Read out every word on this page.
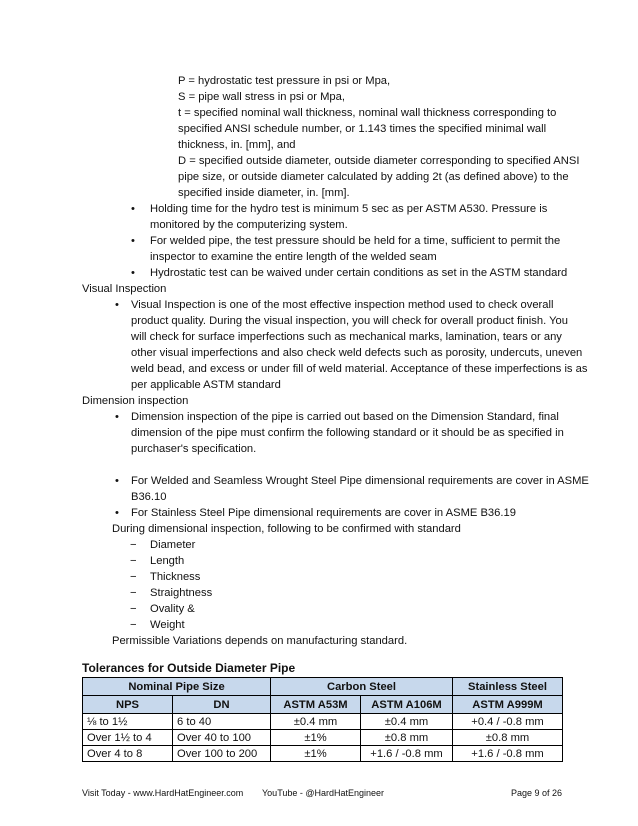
P = hydrostatic test pressure in psi or Mpa,
S = pipe wall stress in psi or Mpa,
t = specified nominal wall thickness, nominal wall thickness corresponding to
specified ANSI schedule number, or 1.143 times the specified minimal wall
thickness, in. [mm], and
D = specified outside diameter, outside diameter corresponding to specified ANSI
pipe size, or outside diameter calculated by adding 2t (as defined above) to the
specified inside diameter, in. [mm].
• Holding time for the hydro test is minimum 5 sec as per ASTM A530. Pressure is
monitored by the computerizing system.
• For welded pipe, the test pressure should be held for a time, sufficient to permit the
inspector to examine the entire length of the welded seam
• Hydrostatic test can be waived under certain conditions as set in the ASTM standard
Visual Inspection
• Visual Inspection is one of the most effective inspection method used to check overall
product quality. During the visual inspection, you will check for overall product finish. You
will check for surface imperfections such as mechanical marks, lamination, tears or any
other visual imperfections and also check weld defects such as porosity, undercuts, uneven
weld bead, and excess or under fill of weld material. Acceptance of these imperfections is as
per applicable ASTM standard
Dimension inspection
• Dimension inspection of the pipe is carried out based on the Dimension Standard, final
dimension of the pipe must confirm the following standard or it should be as specified in
purchaser's specification.
• For Welded and Seamless Wrought Steel Pipe dimensional requirements are cover in ASME
B36.10
• For Stainless Steel Pipe dimensional requirements are cover in ASME B36.19
During dimensional inspection, following to be confirmed with standard
− Diameter
− Length
− Thickness
− Straightness
− Ovality &
− Weight
Permissible Variations depends on manufacturing standard.
Tolerances for Outside Diameter Pipe
Nominal Pipe Size		Carbon Steel		Stainless Steel
NPS	DN	ASTM A53M	ASTM A106M	ASTM A999M
⅛ to 1½	6 to 40	±0.4 mm	±0.4 mm	+0.4 / -0.8 mm
Over 1½ to 4	Over 40 to 100	±1%	±0.8 mm	±0.8 mm
Over 4 to 8	Over 100 to 200	±1%	+1.6 / -0.8 mm	+1.6 / -0.8 mm
Visit Today - www.HardHatEngineer.com YouTube - @HardHatEngineer	Page 9 of 26
